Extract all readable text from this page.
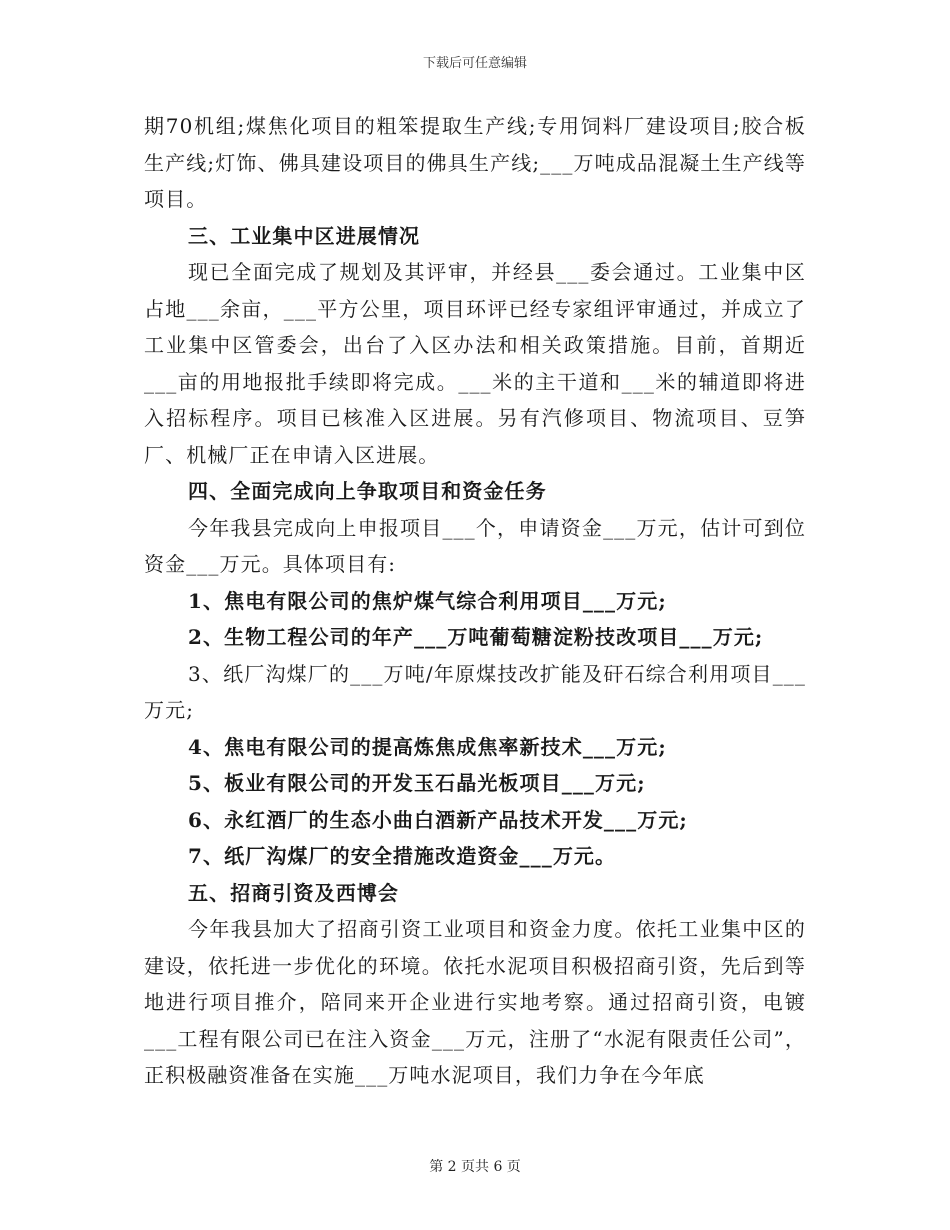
下载后可任意编辑

期70机组;煤焦化项目的粗笨提取生产线;专用饲料厂建设项目;胶合板生产线;灯饰、佛具建设项目的佛具生产线;___万吨成品混凝土生产线等项目。

三、工业集中区进展情况

现已全面完成了规划及其评审，并经县___委会通过。工业集中区占地___余亩，___平方公里，项目环评已经专家组评审通过，并成立了工业集中区管委会，出台了入区办法和相关政策措施。目前，首期近___亩的用地报批手续即将完成。___米的主干道和___米的辅道即将进入招标程序。项目已核准入区进展。另有汽修项目、物流项目、豆笋厂、机械厂正在申请入区进展。

四、全面完成向上争取项目和资金任务

今年我县完成向上申报项目___个，申请资金___万元，估计可到位资金___万元。具体项目有:

1、焦电有限公司的焦炉煤气综合利用项目___万元;

2、生物工程公司的年产___万吨葡萄糖淀粉技改项目___万元;

3、纸厂沟煤厂的___万吨/年原煤技改扩能及矸石综合利用项目___万元;

4、焦电有限公司的提高炼焦成焦率新技术___万元;

5、板业有限公司的开发玉石晶光板项目___万元;

6、永红酒厂的生态小曲白酒新产品技术开发___万元;

7、纸厂沟煤厂的安全措施改造资金___万元。

五、招商引资及西博会

今年我县加大了招商引资工业项目和资金力度。依托工业集中区的建设，依托进一步优化的环境。依托水泥项目积极招商引资，先后到等地进行项目推介，陪同来开企业进行实地考察。通过招商引资，电镀___工程有限公司已在注入资金___万元，注册了“水泥有限责任公司”，正积极融资准备在实施___万吨水泥项目，我们力争在今年底

第 2 页共 6 页
